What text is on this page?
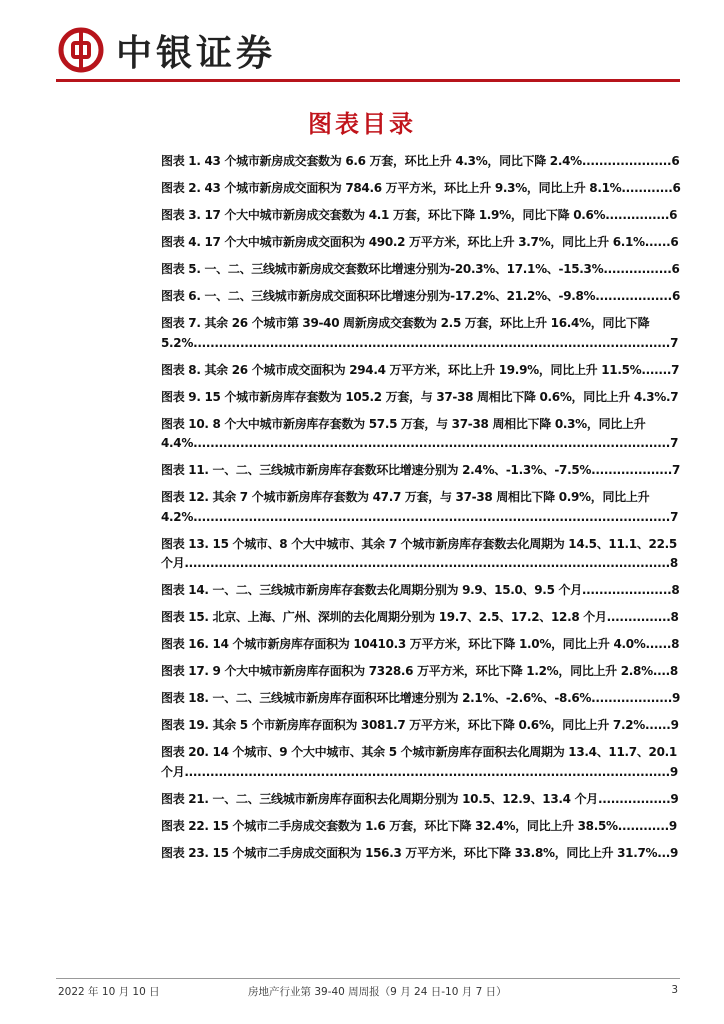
中银证券
图表目录
图表 1. 43 个城市新房成交套数为 6.6 万套，环比上升 4.3%，同比下降 2.4%.....................6
图表 2. 43 个城市新房成交面积为 784.6 万平方米，环比上升 9.3%，同比上升 8.1%............6
图表 3. 17 个大中城市新房成交套数为 4.1 万套，环比下降 1.9%，同比下降 0.6%...............6
图表 4. 17 个大中城市新房成交面积为 490.2 万平方米，环比上升 3.7%，同比上升 6.1%......6
图表 5. 一、二、三线城市新房成交套数环比增速分别为-20.3%、17.1%、-15.3%................6
图表 6. 一、二、三线城市新房成交面积环比增速分别为-17.2%、21.2%、-9.8%..................6
图表 7. 其余 26 个城市第 39-40 周新房成交套数为 2.5 万套，环比上升 16.4%，同比下降 5.2%................................................................................................................7
图表 8. 其余 26 个城市成交面积为 294.4 万平方米，环比上升 19.9%，同比上升 11.5%.......7
图表 9. 15 个城市新房库存套数为 105.2 万套，与 37-38 周相比下降 0.6%，同比上升 4.3%.7
图表 10. 8 个大中城市新房库存套数为 57.5 万套，与 37-38 周相比下降 0.3%，同比上升 4.4%................................................................................................................7
图表 11. 一、二、三线城市新房库存套数环比增速分别为 2.4%、-1.3%、-7.5%...................7
图表 12. 其余 7 个城市新房库存套数为 47.7 万套，与 37-38 周相比下降 0.9%，同比上升 4.2%................................................................................................................7
图表 13. 15 个城市、8 个大中城市、其余 7 个城市新房库存套数去化周期为 14.5、11.1、22.5 个月..................................................................................................................8
图表 14. 一、二、三线城市新房库存套数去化周期分别为 9.9、15.0、9.5 个月.....................8
图表 15. 北京、上海、广州、深圳的去化周期分别为 19.7、2.5、17.2、12.8 个月...............8
图表 16. 14 个城市新房库存面积为 10410.3 万平方米，环比下降 1.0%，同比上升 4.0%......8
图表 17. 9 个大中城市新房库存面积为 7328.6 万平方米，环比下降 1.2%，同比上升 2.8%....8
图表 18. 一、二、三线城市新房库存面积环比增速分别为 2.1%、-2.6%、-8.6%...................9
图表 19. 其余 5 个市新房库存面积为 3081.7 万平方米，环比下降 0.6%，同比上升 7.2%......9
图表 20. 14 个城市、9 个大中城市、其余 5 个城市新房库存面积去化周期为 13.4、11.7、20.1 个月..................................................................................................................9
图表 21. 一、二、三线城市新房库存面积去化周期分别为 10.5、12.9、13.4 个月.................9
图表 22. 15 个城市二手房成交套数为 1.6 万套，环比下降 32.4%，同比上升 38.5%............9
图表 23. 15 个城市二手房成交面积为 156.3 万平方米，环比下降 33.8%，同比上升 31.7%...9
2022 年 10 月 10 日	房地产行业第 39-40 周周报（9 月 24 日-10 月 7 日）	3
